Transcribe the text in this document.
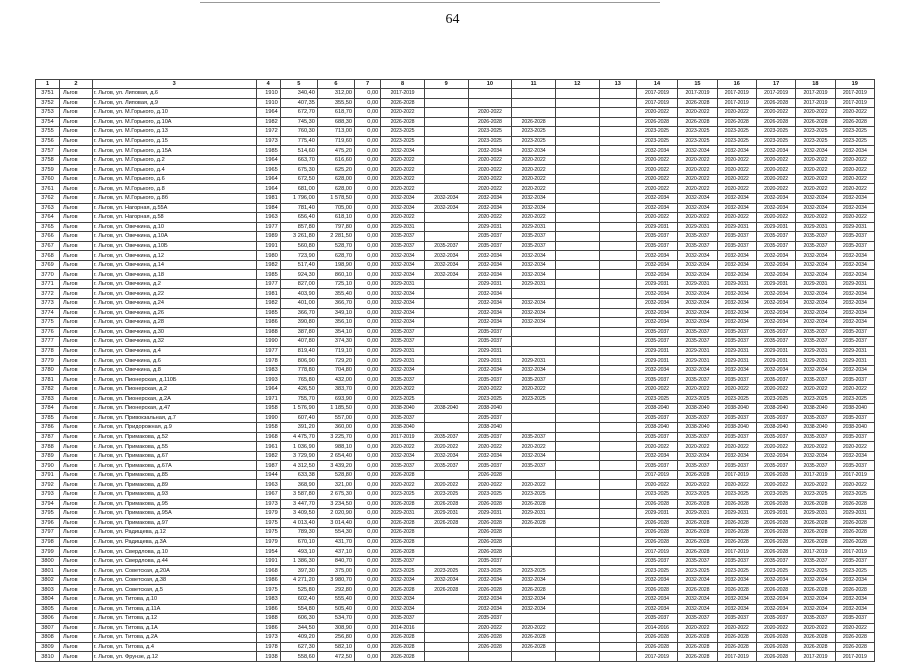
64
1	2	3	4	5	6	7	8	9	10	11	12	13	14	15	16	17	18	19
3751	Льгов	г. Льгов, ул. Липовая, д.6	1910	340,40	312,00	0,00	2017-2019						2017-2019	2017-2019	2017-2019	2017-2019	2017-2019	2017-2019
3752	Льгов	г. Льгов, ул. Липовая, д.9	1910	407,35	355,50	0,00	2026-2028						2017-2019	2026-2028	2017-2019	2026-2028	2017-2019	2017-2019
3753	Льгов	г. Льгов, ул. М.Горького, д.10	1964	672,70	618,70	0,00	2020-2022		2020-2022				2020-2022	2020-2022	2020-2022	2020-2022	2020-2022	2020-2022
3754	Льгов	г. Льгов, ул. М.Горького, д.10А	1982	745,30	688,30	0,00	2026-2028		2026-2028	2026-2028			2026-2028	2026-2028	2026-2028	2026-2028	2026-2028	2026-2028
3755	Льгов	г. Льгов, ул. М.Горького, д.13	1972	760,30	713,00	0,00	2023-2025		2023-2025	2023-2025			2023-2025	2023-2025	2023-2025	2023-2025	2023-2025	2023-2025
3756	Льгов	г. Льгов, ул. М.Горького, д.15	1973	775,40	719,60	0,00	2023-2025		2023-2025	2023-2025			2023-2025	2023-2025	2023-2025	2023-2025	2023-2025	2023-2025
3757	Льгов	г. Льгов, ул. М.Горького, д.15А	1985	514,60	475,20	0,00	2032-2034		2032-2034	2032-2034			2032-2034	2032-2034	2032-2034	2032-2034	2032-2034	2032-2034
3758	Льгов	г. Льгов, ул. М.Горького, д.2	1964	663,70	616,60	0,00	2020-2022		2020-2022	2020-2022			2020-2022	2020-2022	2020-2022	2020-2022	2020-2022	2020-2022
3759	Льгов	г. Льгов, ул. М.Горького, д.4	1965	675,30	625,20	0,00	2020-2022		2020-2022	2020-2022			2020-2022	2020-2022	2020-2022	2020-2022	2020-2022	2020-2022
3760	Льгов	г. Льгов, ул. М.Горького, д.6	1964	672,50	628,00	0,00	2020-2022		2020-2022	2020-2022			2020-2022	2020-2022	2020-2022	2020-2022	2020-2022	2020-2022
3761	Льгов	г. Льгов, ул. М.Горького, д.8	1964	681,00	628,00	0,00	2020-2022		2020-2022	2020-2022			2020-2022	2020-2022	2020-2022	2020-2022	2020-2022	2020-2022
3762	Льгов	г. Льгов, ул. М.Горького, д.8б	1981	1 796,00	1 578,50	0,00	2032-2034	2032-2034	2032-2034	2032-2034			2032-2034	2032-2034	2032-2034	2032-2034	2032-2034	2032-2034
3763	Льгов	г. Льгов, ул. Нагорная, д.55А	1984	781,40	705,00	0,00	2032-2034	2032-2034	2032-2034	2032-2034			2032-2034	2032-2034	2032-2034	2032-2034	2032-2034	2032-2034
3764	Льгов	г. Льгов, ул. Нагорная, д.58	1963	656,40	618,10	0,00	2020-2022		2020-2022	2020-2022			2020-2022	2020-2022	2020-2022	2020-2022	2020-2022	2020-2022
3765	Льгов	г. Льгов, ул. Овечкина, д.10	1977	857,80	797,80	0,00	2029-2031		2029-2031	2029-2031			2029-2031	2029-2031	2029-2031	2029-2031	2029-2031	2029-2031
3766	Льгов	г. Льгов, ул. Овечкина, д.10А	1989	3 261,80	2 281,50	0,00	2035-2037		2035-2037	2035-2037			2035-2037	2035-2037	2035-2037	2035-2037	2035-2037	2035-2037
3767	Льгов	г. Льгов, ул. Овечкина, д.10Б	1991	560,80	528,70	0,00	2035-2037	2035-2037	2035-2037	2035-2037			2035-2037	2035-2037	2035-2037	2035-2037	2035-2037	2035-2037
3768	Льгов	г. Льгов, ул. Овечкина, д.12	1980	723,90	628,70	0,00	2032-2034	2032-2034	2032-2034	2032-2034			2032-2034	2032-2034	2032-2034	2032-2034	2032-2034	2032-2034
3769	Льгов	г. Льгов, ул. Овечкина, д.14	1982	517,40	198,90	0,00	2032-2034	2032-2034	2032-2034	2032-2034			2032-2034	2032-2034	2032-2034	2032-2034	2032-2034	2032-2034
3770	Льгов	г. Льгов, ул. Овечкина, д.18	1985	924,30	860,10	0,00	2032-2034	2032-2034	2032-2034	2032-2034			2032-2034	2032-2034	2032-2034	2032-2034	2032-2034	2032-2034
3771	Льгов	г. Льгов, ул. Овечкина, д.2	1977	827,00	725,10	0,00	2029-2031		2029-2031	2029-2031			2029-2031	2029-2031	2029-2031	2029-2031	2029-2031	2029-2031
3772	Льгов	г. Льгов, ул. Овечкина, д.22	1981	403,90	355,40	0,00	2032-2034		2032-2034				2032-2034	2032-2034	2032-2034	2032-2034	2032-2034	2032-2034
3773	Льгов	г. Льгов, ул. Овечкина, д.24	1982	401,00	366,70	0,00	2032-2034		2032-2034	2032-2034			2032-2034	2032-2034	2032-2034	2032-2034	2032-2034	2032-2034
3774	Льгов	г. Льгов, ул. Овечкина, д.26	1985	366,70	349,10	0,00	2032-2034		2032-2034	2032-2034			2032-2034	2032-2034	2032-2034	2032-2034	2032-2034	2032-2034
3775	Льгов	г. Льгов, ул. Овечкина, д.28	1986	390,80	356,10	0,00	2032-2034		2032-2034	2032-2034			2032-2034	2032-2034	2032-2034	2032-2034	2032-2034	2032-2034
3776	Льгов	г. Льгов, ул. Овечкина, д.30	1988	387,80	354,10	0,00	2035-2037		2035-2037				2035-2037	2035-2037	2035-2037	2035-2037	2035-2037	2035-2037
3777	Льгов	г. Льгов, ул. Овечкина, д.32	1990	407,80	374,30	0,00	2035-2037		2035-2037				2035-2037	2035-2037	2035-2037	2035-2037	2035-2037	2035-2037
3778	Льгов	г. Льгов, ул. Овечкина, д.4	1977	819,40	719,10	0,00	2029-2031		2029-2031				2029-2031	2029-2031	2029-2031	2029-2031	2029-2031	2029-2031
3779	Льгов	г. Льгов, ул. Овечкина, д.6	1978	806,90	729,20	0,00	2029-2031		2029-2031	2029-2031			2029-2031	2029-2031	2029-2031	2029-2031	2029-2031	2029-2031
3780	Льгов	г. Льгов, ул. Овечкина, д.8	1983	778,80	704,80	0,00	2032-2034		2032-2034	2032-2034			2032-2034	2032-2034	2032-2034	2032-2034	2032-2034	2032-2034
3781	Льгов	г. Льгов, ул. Пионерская, д.110Б	1993	765,80	432,00	0,00	2035-2037		2035-2037	2035-2037			2035-2037	2035-2037	2035-2037	2035-2037	2035-2037	2035-2037
3782	Льгов	г. Льгов, ул. Пионерская, д.2	1964	426,50	383,70	0,00	2020-2022		2020-2022	2020-2022			2020-2022	2020-2022	2020-2022	2020-2022	2020-2022	2020-2022
3783	Льгов	г. Льгов, ул. Пионерская, д.2А	1971	755,70	693,90	0,00	2023-2025		2023-2025	2023-2025			2023-2025	2023-2025	2023-2025	2023-2025	2023-2025	2023-2025
3784	Льгов	г. Льгов, ул. Пионерская, д.47	1958	1 576,90	1 185,50	0,00	2038-2040	2038-2040	2038-2040				2038-2040	2038-2040	2038-2040	2038-2040	2038-2040	2038-2040
3785	Льгов	г. Льгов, ул. Привокзальная, д.7	1990	607,40	557,00	0,00	2035-2037		2035-2037				2035-2037	2035-2037	2035-2037	2035-2037	2035-2037	2035-2037
3786	Льгов	г. Льгов, ул. Придорожная, д.9	1958	391,20	360,00	0,00	2038-2040		2038-2040				2038-2040	2038-2040	2038-2040	2038-2040	2038-2040	2038-2040
3787	Льгов	г. Льгов, ул. Примакова, д.52	1968	4 475,70	3 225,70	0,00	2017-2019	2035-2037	2035-2037	2035-2037			2035-2037	2035-2037	2035-2037	2035-2037	2035-2037	2035-2037
3788	Льгов	г. Льгов, ул. Примакова, д.55	1961	1 036,90	988,10	0,00	2020-2022	2020-2022	2020-2022	2020-2022			2020-2022	2020-2022	2020-2022	2020-2022	2020-2022	2020-2022
3789	Льгов	г. Льгов, ул. Примакова, д.67	1982	3 729,90	2 654,40	0,00	2032-2034	2032-2034	2032-2034	2032-2034			2032-2034	2032-2034	2032-2034	2032-2034	2032-2034	2032-2034
3790	Льгов	г. Льгов, ул. Примакова, д.67А	1987	4 312,50	3 439,20	0,00	2035-2037	2035-2037	2035-2037	2035-2037			2035-2037	2035-2037	2035-2037	2035-2037	2035-2037	2035-2037
3791	Льгов	г. Льгов, ул. Примакова, д.85	1944	633,38	528,80	0,00	2026-2028		2026-2028				2017-2019	2026-2028	2017-2019	2026-2028	2017-2019	2017-2019
3792	Льгов	г. Льгов, ул. Примакова, д.89	1963	368,90	321,00	0,00	2020-2022	2020-2022	2020-2022	2020-2022			2020-2022	2020-2022	2020-2022	2020-2022	2020-2022	2020-2022
3793	Льгов	г. Льгов, ул. Примакова, д.93	1967	3 587,80	2 675,30	0,00	2023-2025	2023-2025	2023-2025	2023-2025			2023-2025	2023-2025	2023-2025	2023-2025	2023-2025	2023-2025
3794	Льгов	г. Льгов, ул. Примакова, д.95	1973	3 447,70	3 234,50	0,00	2026-2028	2026-2028	2026-2028	2026-2028			2026-2028	2026-2028	2026-2028	2026-2028	2026-2028	2026-2028
3795	Льгов	г. Льгов, ул. Примакова, д.95А	1979	3 409,50	2 020,90	0,00	2029-2031	2029-2031	2029-2031	2029-2031			2029-2031	2029-2031	2029-2031	2029-2031	2029-2031	2029-2031
3796	Льгов	г. Льгов, ул. Примакова, д.97	1975	4 013,40	3 014,40	0,00	2026-2028	2026-2028	2026-2028	2026-2028			2026-2028	2026-2028	2026-2028	2026-2028	2026-2028	2026-2028
3797	Льгов	г. Льгов, ул. Радищева, д.12	1975	789,30	554,30	0,00	2026-2028		2026-2028				2026-2028	2026-2028	2026-2028	2026-2028	2026-2028	2026-2028
3798	Льгов	г. Льгов, ул. Радищева, д.3А	1979	670,10	431,70	0,00	2026-2028		2026-2028				2026-2028	2026-2028	2026-2028	2026-2028	2026-2028	2026-2028
3799	Льгов	г. Льгов, ул. Свердлова, д.10	1954	493,10	437,10	0,00	2026-2028		2026-2028				2017-2019	2026-2028	2017-2019	2026-2028	2017-2019	2017-2019
3800	Льгов	г. Льгов, ул. Свердлова, д.44	1991	1 386,30	840,70	0,00	2035-2037		2035-2037				2035-2037	2035-2037	2035-2037	2035-2037	2035-2037	2035-2037
3801	Льгов	г. Льгов, ул. Советская, д.20А	1968	397,30	375,00	0,00	2023-2025	2023-2025	2023-2025	2023-2025			2023-2025	2023-2025	2023-2025	2023-2025	2023-2025	2023-2025
3802	Льгов	г. Льгов, ул. Советская, д.38	1986	4 271,20	3 980,70	0,00	2032-2034	2032-2034	2032-2034	2032-2034			2032-2034	2032-2034	2032-2034	2032-2034	2032-2034	2032-2034
3803	Льгов	г. Льгов, ул. Советская, д.5	1975	525,80	292,80	0,00	2026-2028	2026-2028	2026-2028	2026-2028			2026-2028	2026-2028	2026-2028	2026-2028	2026-2028	2026-2028
3804	Льгов	г. Льгов, ул. Титова, д.10	1983	602,40	555,40	0,00	2032-2034		2032-2034	2032-2034			2032-2034	2032-2034	2032-2034	2032-2034	2032-2034	2032-2034
3805	Льгов	г. Льгов, ул. Титова, д.11А	1986	554,80	505,40	0,00	2032-2034		2032-2034	2032-2034			2032-2034	2032-2034	2032-2034	2032-2034	2032-2034	2032-2034
3806	Льгов	г. Льгов, ул. Титова, д.12	1988	606,30	534,70	0,00	2035-2037		2035-2037				2035-2037	2035-2037	2035-2037	2035-2037	2035-2037	2035-2037
3807	Льгов	г. Льгов, ул. Титова, д.1А	1986	344,50	308,90	0,00	2014-2016		2020-2022	2020-2022			2014-2016	2020-2022	2020-2022	2020-2022	2020-2022	2020-2022
3808	Льгов	г. Льгов, ул. Титова, д.2А	1973	409,20	256,80	0,00	2026-2028		2026-2028	2026-2028			2026-2028	2026-2028	2026-2028	2026-2028	2026-2028	2026-2028
3809	Льгов	г. Льгов, ул. Титова, д.4	1978	627,30	582,10	0,00	2026-2028		2026-2028	2026-2028			2026-2028	2026-2028	2026-2028	2026-2028	2026-2028	2026-2028
3810	Льгов	г. Льгов, ул. Фрунзе, д.12	1938	558,60	472,50	0,00	2026-2028						2017-2019	2026-2028	2017-2019	2026-2028	2017-2019	2017-2019
